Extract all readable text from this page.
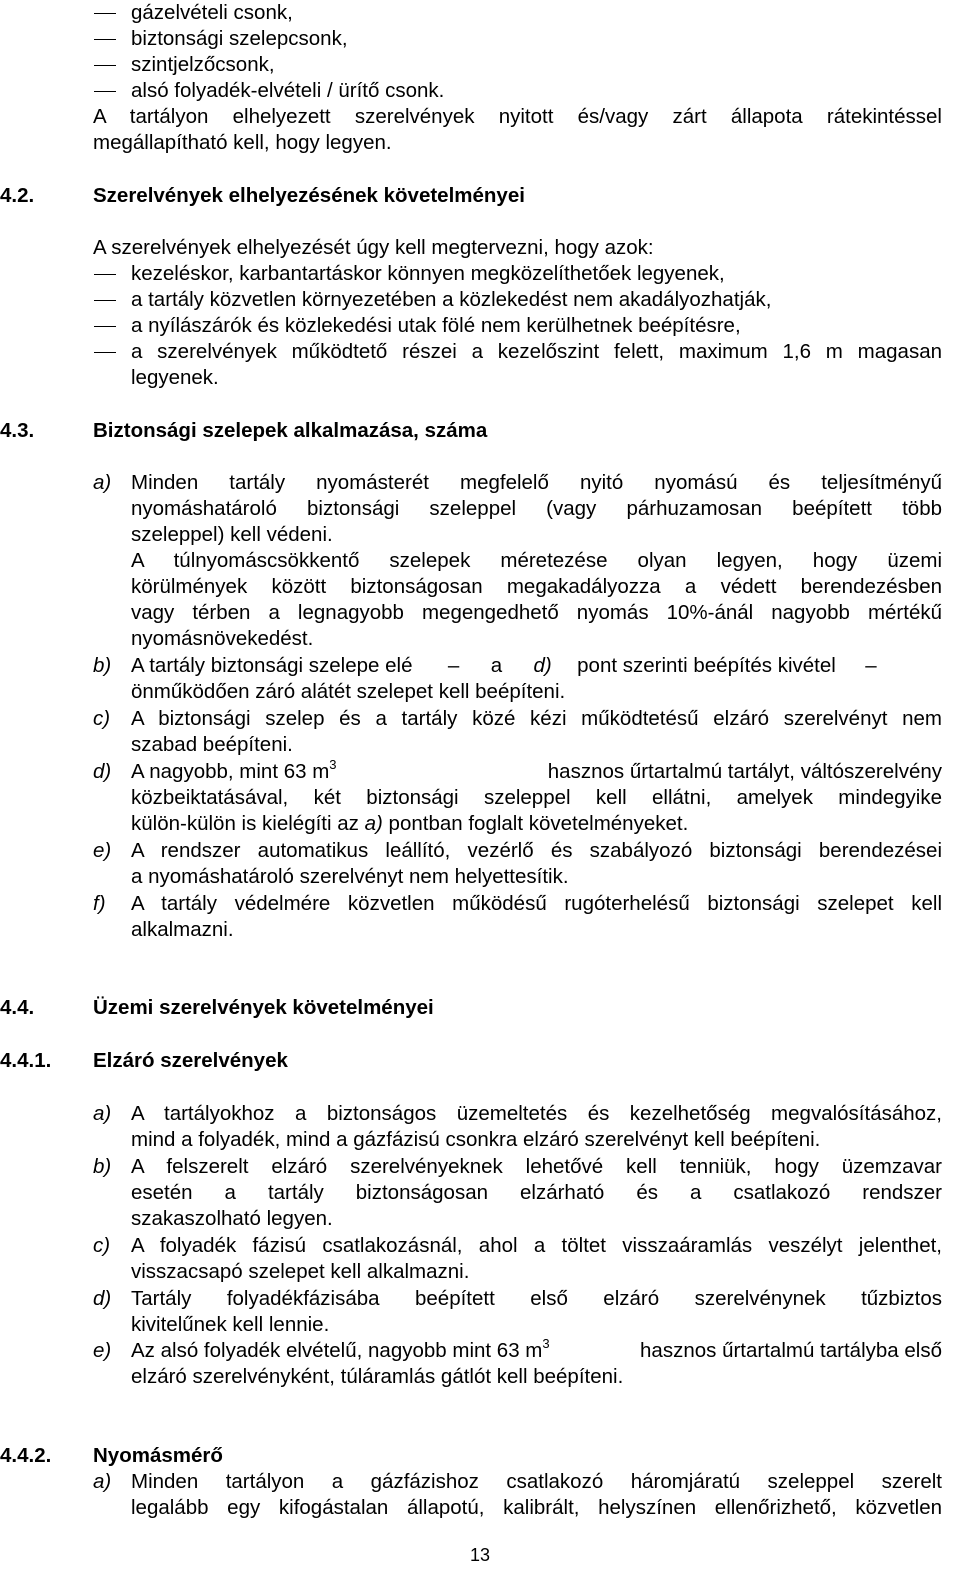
gázelvételi csonk,
biztonsági szelepcsonk,
szintjelzőcsonk,
alsó folyadék-elvételi / ürítő csonk.
A tartályon elhelyezett szerelvények nyitott és/vagy zárt állapota rátekintéssel
megállapítható kell, hogy legyen.
4.2.	Szerelvények elhelyezésének követelményei
A szerelvények elhelyezését úgy kell megtervezni, hogy azok:
kezeléskor, karbantartáskor könnyen megközelíthetőek legyenek,
a tartály közvetlen környezetében a közlekedést nem akadályozhatják,
a nyílászárók és közlekedési utak fölé nem kerülhetnek beépítésre,
a szerelvények működtető részei a kezelőszint felett, maximum 1,6 m magasan
legyenek.
4.3.	Biztonsági szelepek alkalmazása, száma
a) Minden tartály nyomásterét megfelelő nyitó nyomású és teljesítményű
nyomáshatároló biztonsági szeleppel (vagy párhuzamosan beépített több
szeleppel) kell védeni.
A túlnyomáscsökkentő szelepek méretezése olyan legyen, hogy üzemi
körülmények között biztonságosan megakadályozza a védett berendezésben
vagy térben a legnagyobb megengedhető nyomás 10%-ánál nagyobb mértékű
nyomásnövekedést.
b) A tartály biztonsági szelepe elé – a d) pont szerinti beépítés kivétel –
önműködően záró alátét szelepet kell beépíteni.
c) A biztonsági szelep és a tartály közé kézi működtetésű elzáró szerelvényt nem
szabad beépíteni.
d) A nagyobb, mint 63 $m^3$	hasznos űrtartalmú tartályt, váltószerelvény
közbeiktatásával, két biztonsági szeleppel kell ellátni, amelyek mindegyike
külön-külön is kielégíti az a) pontban foglalt követelményeket.
e) A rendszer automatikus leállító, vezérlő és szabályozó biztonsági berendezései
a nyomáshatároló szerelvényt nem helyettesítik.
f) A tartály védelmére közvetlen működésű rugóterhelésű biztonsági szelepet kell
alkalmazni.
4.4.	Üzemi szerelvények követelményei
4.4.1. Elzáró szerelvények
a) A tartályokhoz a biztonságos üzemeltetés és kezelhetőség megvalósításához,
mind a folyadék, mind a gázfázisú csonkra elzáró szerelvényt kell beépíteni.
b) A felszerelt elzáró szerelvényeknek lehetővé kell tenniük, hogy üzemzavar
esetén a tartály biztonságosan elzárható és a csatlakozó rendszer
szakaszolható legyen.
c) A folyadék fázisú csatlakozásnál, ahol a töltet visszaáramlás veszélyt jelenthet,
visszacsapó szelepet kell alkalmazni.
d) Tartály folyadékfázisába beépített első elzáró szerelvénynek tűzbiztos
kivitelűnek kell lennie.
e) Az alsó folyadék elvételű, nagyobb mint 63 $m^3$	hasznos űrtartalmú tartályba első
elzáró szerelvényként, túláramlás gátlót kell beépíteni.
4.4.2. Nyomásmérő
a) Minden tartályon a gázfázishoz csatlakozó háromjáratú szeleppel szerelt
legalább egy kifogástalan állapotú, kalibrált, helyszínen ellenőrizhető, közvetlen
13
